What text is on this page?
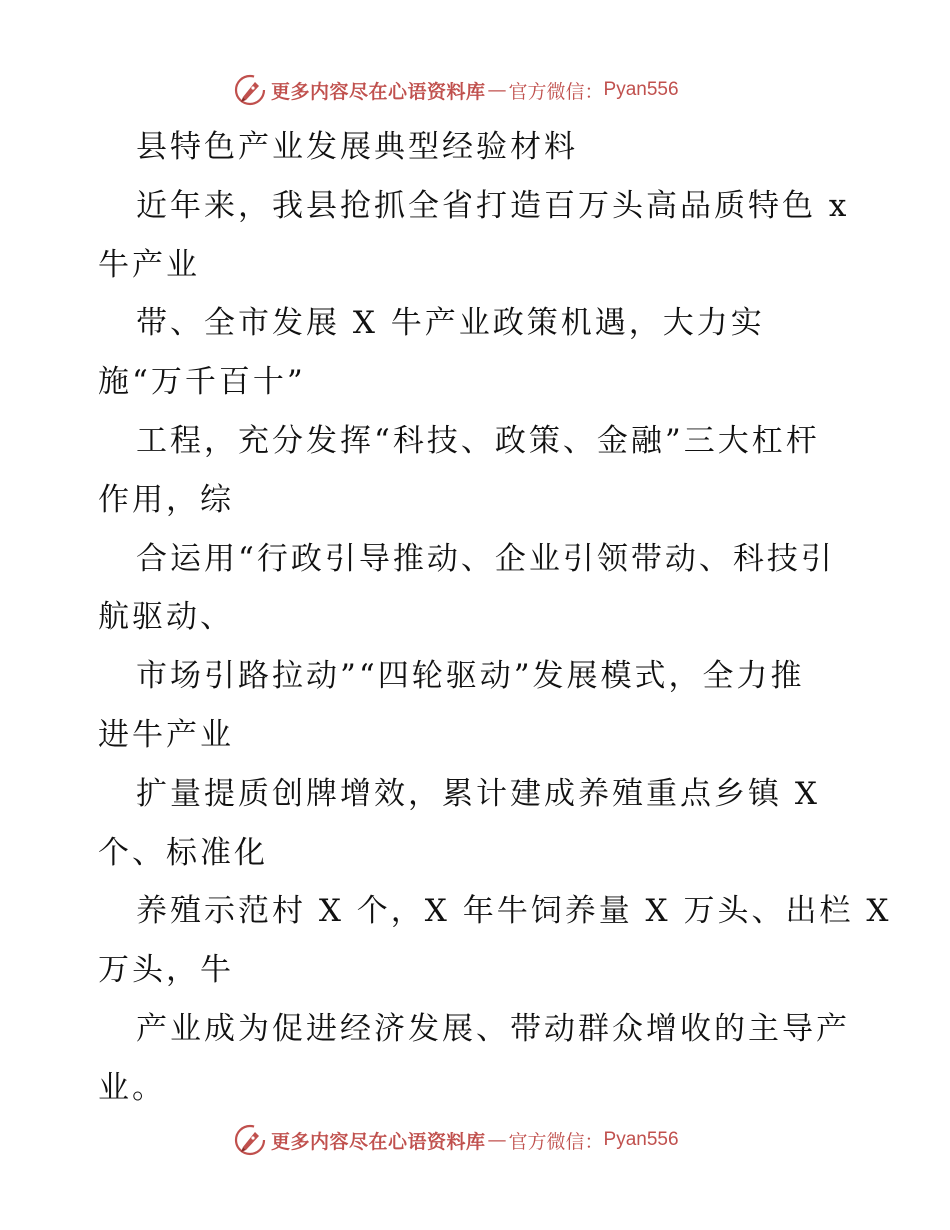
更多内容尽在心语资料库 — 官方微信： Pyan556
县特色产业发展典型经验材料
近年来，我县抢抓全省打造百万头高品质特色 x
牛产业
带、全市发展 X 牛产业政策机遇，大力实
施“万千百十”
工程，充分发挥“科技、政策、金融”三大杠杆
作用，综
合运用“行政引导推动、企业引领带动、科技引
航驱动、
市场引路拉动”“四轮驱动”发展模式，全力推
进牛产业
扩量提质创牌增效，累计建成养殖重点乡镇 X
个、标准化
养殖示范村 X 个，X 年牛饲养量 X 万头、出栏 X
万头，牛
产业成为促进经济发展、带动群众增收的主导产
业。
更多内容尽在心语资料库 — 官方微信： Pyan556
